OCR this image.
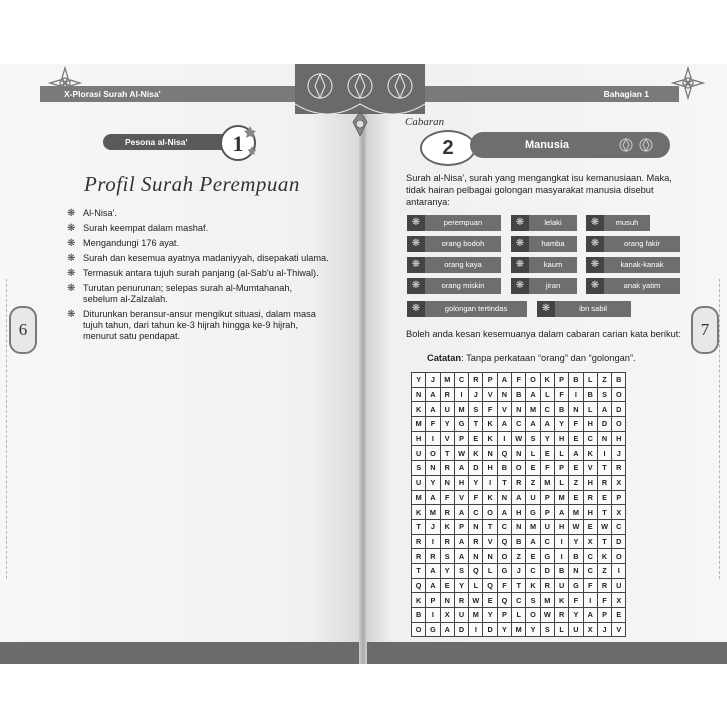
X-Plorasi Surah Al-Nisa'
6
Pesona al-Nisa'	1
Profil Surah Perempuan
❋ Al-Nisa'.
❋ Surah keempat dalam mashaf.
❋ Mengandungi 176 ayat.
❋ Surah dan kesemua ayatnya madaniyyah, disepakati ulama.
❋ Termasuk antara tujuh surah panjang (al-Sab'u al-Thiwal).
❋ Turutan penurunan; selepas surah al-Mumtahanah, sebelum al-Zalzalah.
❋ Diturunkan beransur-ansur mengikut situasi, dalam masa tujuh tahun, dari tahun ke-3 hijrah hingga ke-9 hijrah, menurut satu pendapat.
Bahagian 1
7
Cabaran
2	Manusia
Surah al-Nisa', surah yang mengangkat isu kemanusiaan. Maka, tidak hairan pelbagai golongan masyarakat manusia disebut antaranya:
❋	perempuan	❋	lelaki	❋	musuh
❋	orang bodoh	❋	hamba	❋	orang fakir
❋	orang kaya	❋	kaum	❋	kanak-kanak
❋	orang miskin	❋	jiran	❋	anak yatim
❋	golongan tertindas	❋	ibn sabil
Boleh anda kesan kesemuanya dalam cabaran carian kata berikut:
Catatan: Tanpa perkataan “orang” dan “golongan”.
Y	J	M	C	R	P	A	F	O	K	P	B	L	Z	B
N	A	R	I	J	V	N	B	A	L	F	I	B	S	O
K	A	U	M	S	F	V	N	M	C	B	N	L	A	D
M	F	Y	G	T	K	A	C	A	A	Y	F	H	D	O
H	I	V	P	E	K	I	W	S	Y	H	E	C	N	H
U	O	T	W	K	N	Q	N	L	E	L	A	K	I	J
S	N	R	A	D	H	B	O	E	F	P	E	V	T	R
U	Y	N	H	Y	I	T	R	Z	M	L	Z	H	R	X
M	A	F	V	F	K	N	A	U	P	M	E	R	E	P
K	M	R	A	C	O	A	H	G	P	A	M	H	T	X
T	J	K	P	N	T	C	N	M	U	H	W	E	W	C
R	I	R	A	R	V	Q	B	A	C	I	Y	X	T	D
R	R	S	A	N	N	O	Z	E	G	I	B	C	K	O
T	A	Y	S	Q	L	G	J	C	D	B	N	C	Z	I
Q	A	E	Y	L	Q	F	T	K	R	U	G	F	R	U
K	P	N	R	W	E	Q	C	S	M	K	F	I	F	X
B	I	X	U	M	Y	P	L	O	W	R	Y	A	P	E
O	G	A	D	I	D	Y	M	Y	S	L	U	X	J	V
